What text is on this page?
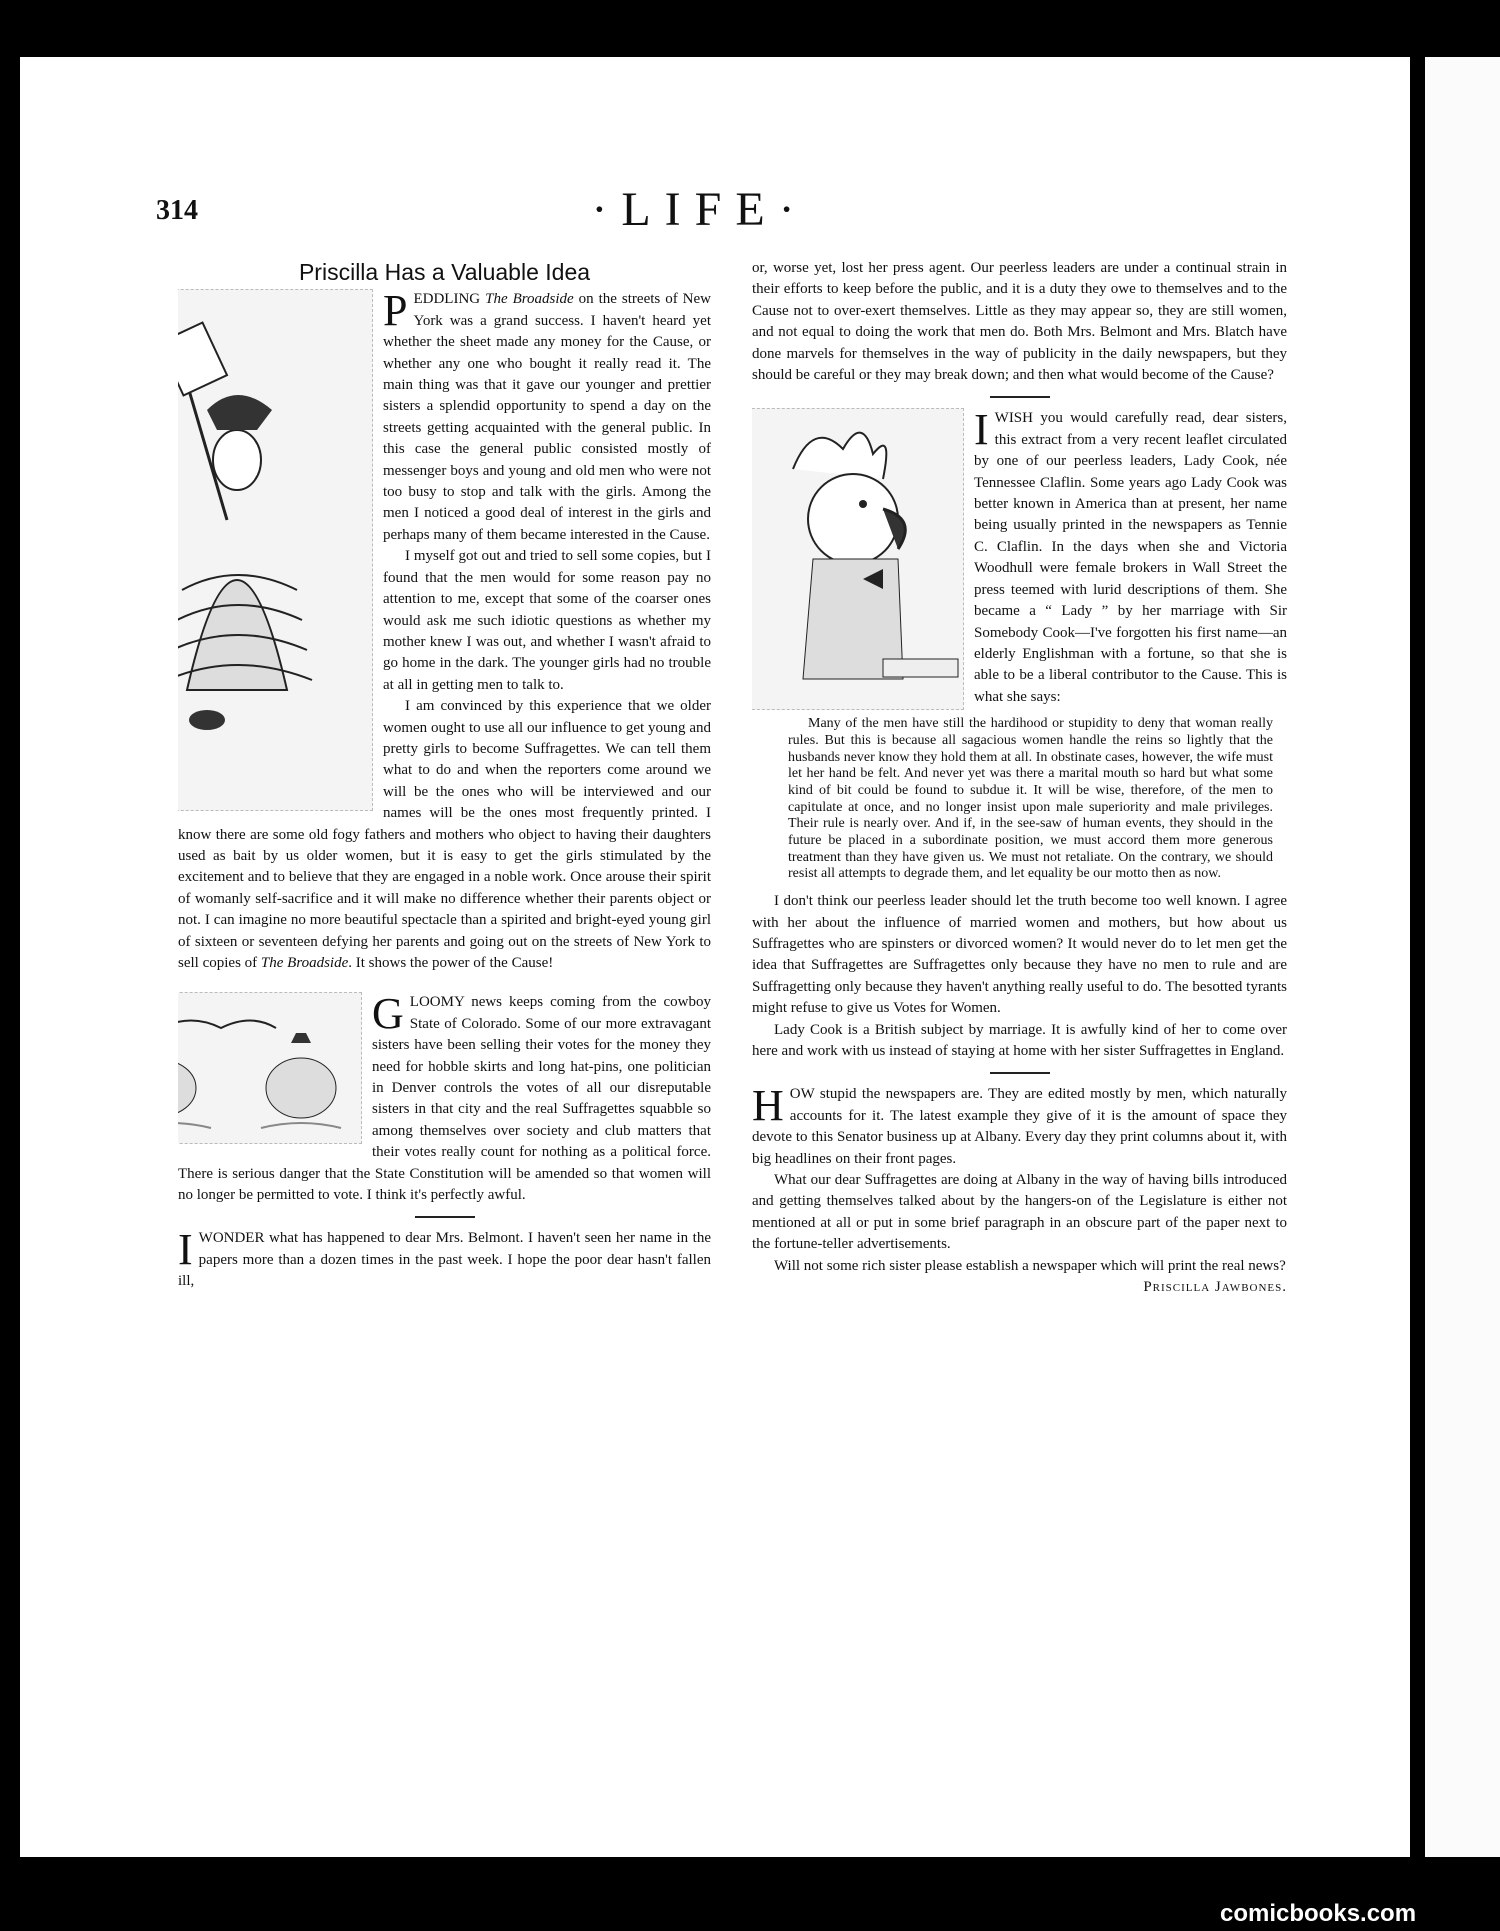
314	·LIFE·
Priscilla Has a Valuable Idea

PEDDLING The Broadside on the streets of New York was a grand success. I haven't heard yet whether the sheet made any money for the Cause, or whether any one who bought it really read it. The main thing was that it gave our younger and prettier sisters a splendid opportunity to spend a day on the streets getting acquainted with the general public. In this case the general public consisted mostly of messenger boys and young and old men who were not too busy to stop and talk with the girls. Among the men I noticed a good deal of interest in the girls and perhaps many of them became interested in the Cause.

I myself got out and tried to sell some copies, but I found that the men would for some reason pay no attention to me, except that some of the coarser ones would ask me such idiotic questions as whether my mother knew I was out, and whether I wasn't afraid to go home in the dark. The younger girls had no trouble at all in getting men to talk to.

I am convinced by this experience that we older women ought to use all our influence to get young and pretty girls to become Suffragettes. We can tell them what to do and when the reporters come around we will be the ones who will be interviewed and our names will be the ones most frequently printed. I know there are some old fogy fathers and mothers who object to having their daughters used as bait by us older women, but it is easy to get the girls stimulated by the excitement and to believe that they are engaged in a noble work. Once arouse their spirit of womanly self-sacrifice and it will make no difference whether their parents object or not. I can imagine no more beautiful spectacle than a spirited and bright-eyed young girl of sixteen or seventeen defying her parents and going out on the streets of New York to sell copies of The Broadside. It shows the power of the Cause!

GLOOMY news keeps coming from the cowboy State of Colorado. Some of our more extravagant sisters have been selling their votes for the money they need for hobble skirts and long hat-pins, one politician in Denver controls the votes of all our disreputable sisters in that city and the real Suffragettes squabble so among themselves over society and club matters that their votes really count for nothing as a political force. There is serious danger that the State Constitution will be amended so that women will no longer be permitted to vote. I think it's perfectly awful.

IWONDER what has happened to dear Mrs. Belmont. I haven't seen her name in the papers more than a dozen times in the past week. I hope the poor dear hasn't fallen ill,

or, worse yet, lost her press agent. Our peerless leaders are under a continual strain in their efforts to keep before the public, and it is a duty they owe to themselves and to the Cause not to over-exert themselves. Little as they may appear so, they are still women, and not equal to doing the work that men do. Both Mrs. Belmont and Mrs. Blatch have done marvels for themselves in the way of publicity in the daily newspapers, but they should be careful or they may break down; and then what would become of the Cause?

IWISH you would carefully read, dear sisters, this extract from a very recent leaflet circulated by one of our peerless leaders, Lady Cook, née Tennessee Claflin. Some years ago Lady Cook was better known in America than at present, her name being usually printed in the newspapers as Tennie C. Claflin. In the days when she and Victoria Woodhull were female brokers in Wall Street the press teemed with lurid descriptions of them. She became a “ Lady ” by her marriage with Sir Somebody Cook—I've forgotten his first name—an elderly Englishman with a fortune, so that she is able to be a liberal contributor to the Cause. This is what she says:

Many of the men have still the hardihood or stupidity to deny that woman really rules. But this is because all sagacious women handle the reins so lightly that the husbands never know they hold them at all. In obstinate cases, however, the wife must let her hand be felt. And never yet was there a marital mouth so hard but what some kind of bit could be found to subdue it. It will be wise, therefore, of the men to capitulate at once, and no longer insist upon male superiority and male privileges. Their rule is nearly over. And if, in the see-saw of human events, they should in the future be placed in a subordinate position, we must accord them more generous treatment than they have given us. We must not retaliate. On the contrary, we should resist all attempts to degrade them, and let equality be our motto then as now.

I don't think our peerless leader should let the truth become too well known. I agree with her about the influence of married women and mothers, but how about us Suffragettes who are spinsters or divorced women? It would never do to let men get the idea that Suffragettes are Suffragettes only because they have no men to rule and are Suffragetting only because they haven't anything really useful to do. The besotted tyrants might refuse to give us Votes for Women.

Lady Cook is a British subject by marriage. It is awfully kind of her to come over here and work with us instead of staying at home with her sister Suffragettes in England.

HOW stupid the newspapers are. They are edited mostly by men, which naturally accounts for it. The latest example they give of it is the amount of space they devote to this Senator business up at Albany. Every day they print columns about it, with big headlines on their front pages.

What our dear Suffragettes are doing at Albany in the way of having bills introduced and getting themselves talked about by the hangers-on of the Legislature is either not mentioned at all or put in some brief paragraph in an obscure part of the paper next to the fortune-teller advertisements.

Will not some rich sister please establish a newspaper which will print the real news?
Priscilla Jawbones.

comicbooks.com
